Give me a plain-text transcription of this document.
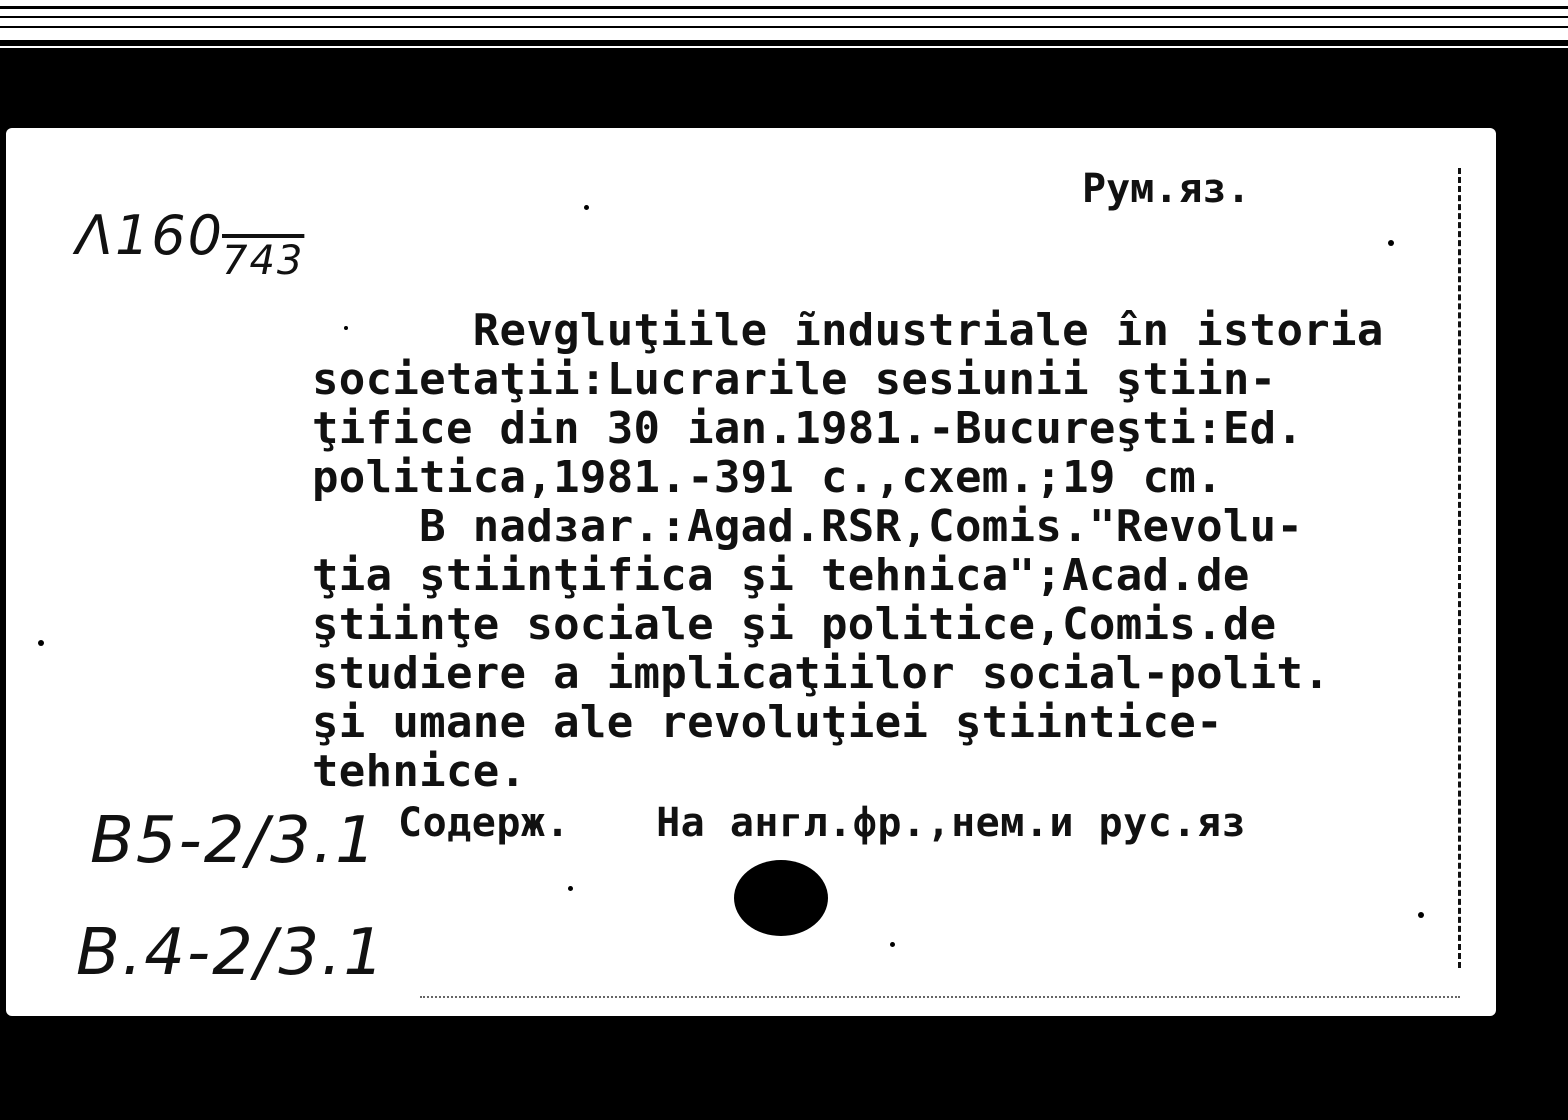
Λ160
743
Рум.яз.
Revgluţiile ĩndustriale în istoria
societaţii:Lucrarile sesiunii ştiin-
ţifice din 30 ian.1981.-Bucureşti:Ed.
politica,1981.-391 c.,cxem.;19 cm.
B nadзar.:Agad.RSR,Comis."Revolu-
ţia ştiinţifica şi tehnica";Acad.de
ştiinţe sociale şi politice,Comis.de
studiere a implicaţiilor social-polit.
şi umane ale revoluţiei ştiintice-
tehnice.
Содерж. На англ.фр.,нем.и рус.яз
В5-2/3.1
В.4-2/3.1
